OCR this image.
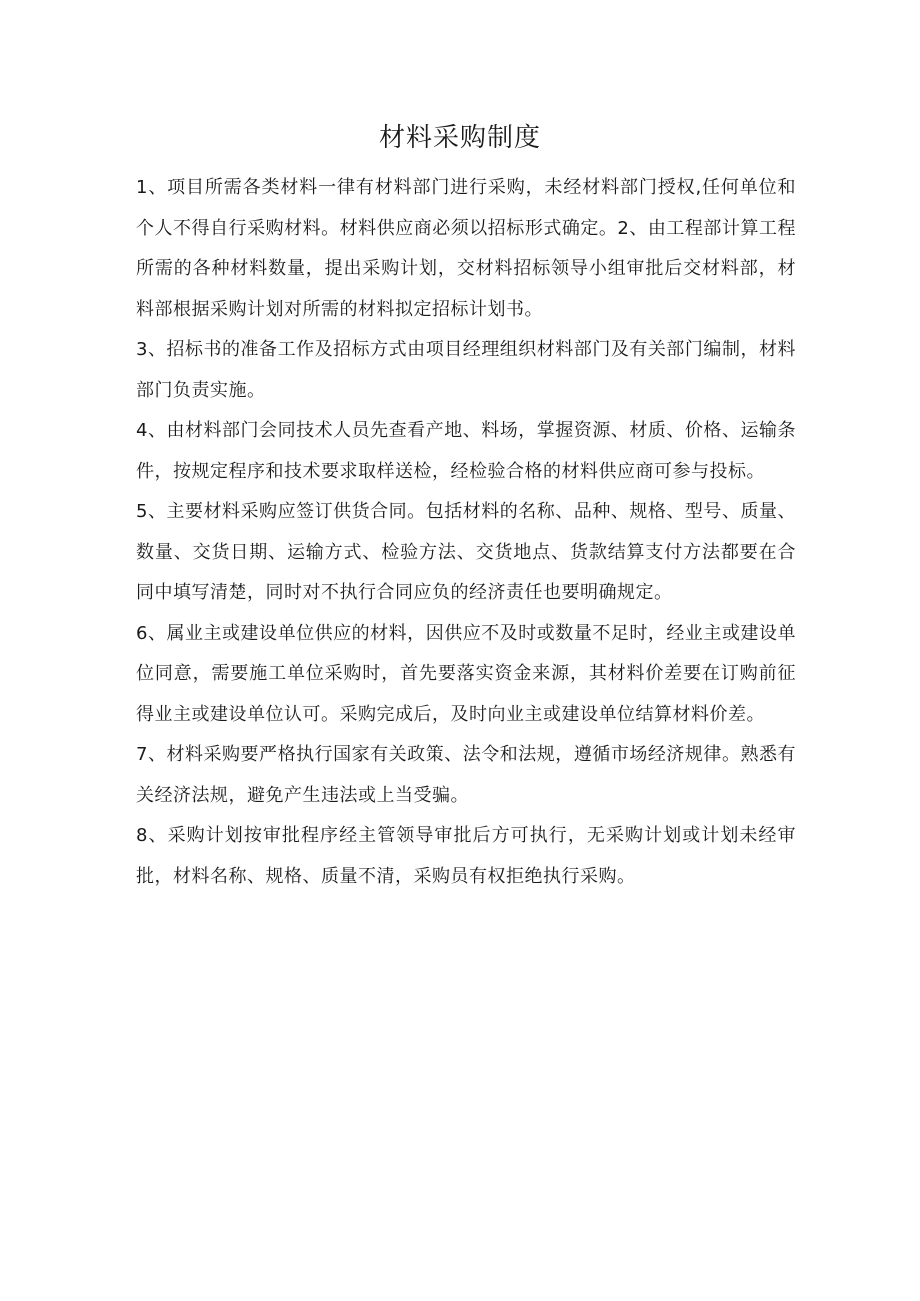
材料采购制度

1、项目所需各类材料一律有材料部门进行采购，未经材料部门授权,任何单位和个人不得自行采购材料。材料供应商必须以招标形式确定。2、由工程部计算工程所需的各种材料数量，提出采购计划，交材料招标领导小组审批后交材料部，材料部根据采购计划对所需的材料拟定招标计划书。

3、招标书的准备工作及招标方式由项目经理组织材料部门及有关部门编制，材料部门负责实施。

4、由材料部门会同技术人员先查看产地、料场，掌握资源、材质、价格、运输条件，按规定程序和技术要求取样送检，经检验合格的材料供应商可参与投标。

5、主要材料采购应签订供货合同。包括材料的名称、品种、规格、型号、质量、数量、交货日期、运输方式、检验方法、交货地点、货款结算支付方法都要在合同中填写清楚，同时对不执行合同应负的经济责任也要明确规定。

6、属业主或建设单位供应的材料，因供应不及时或数量不足时，经业主或建设单位同意，需要施工单位采购时，首先要落实资金来源，其材料价差要在订购前征得业主或建设单位认可。采购完成后，及时向业主或建设单位结算材料价差。

7、材料采购要严格执行国家有关政策、法令和法规，遵循市场经济规律。熟悉有关经济法规，避免产生违法或上当受骗。

8、采购计划按审批程序经主管领导审批后方可执行，无采购计划或计划未经审批，材料名称、规格、质量不清，采购员有权拒绝执行采购。
